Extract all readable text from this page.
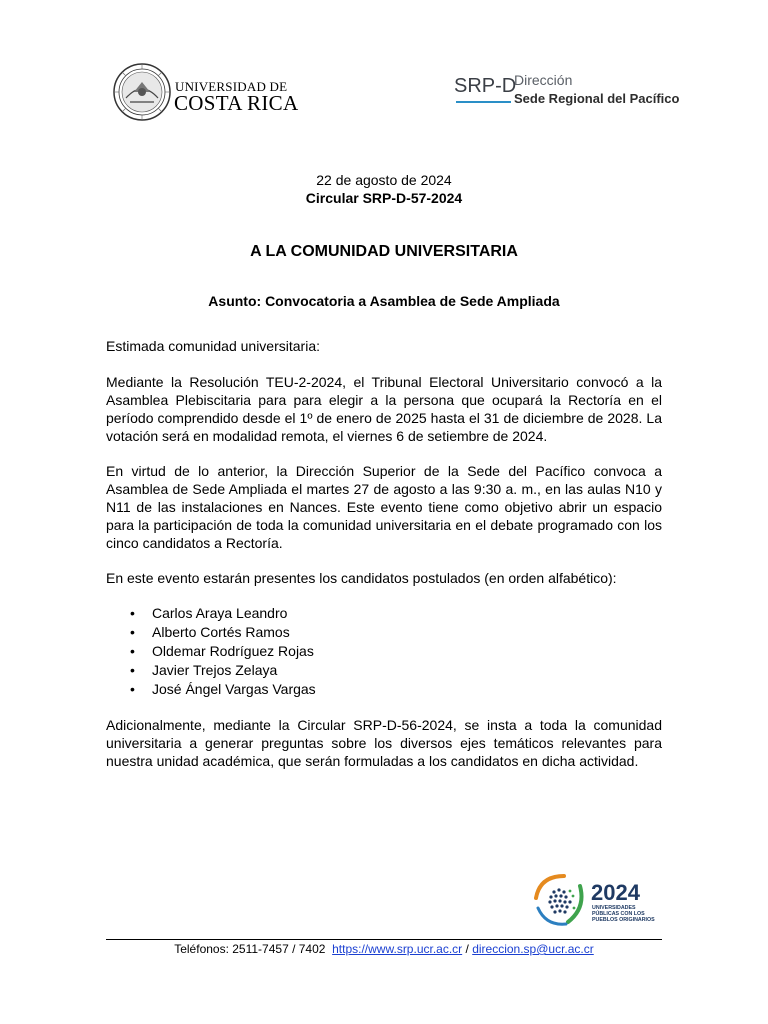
UNIVERSIDAD DE
COSTA RICA
SRP-D
Dirección
Sede Regional del Pacífico
22 de agosto de 2024
Circular SRP-D-57-2024
A LA COMUNIDAD UNIVERSITARIA
Asunto: Convocatoria a Asamblea de Sede Ampliada
Estimada comunidad universitaria:
Mediante la Resolución TEU-2-2024, el Tribunal Electoral Universitario convocó a la Asamblea Plebiscitaria para para elegir a la persona que ocupará la Rectoría en el período comprendido desde el 1º de enero de 2025 hasta el 31 de diciembre de 2028. La votación será en modalidad remota, el viernes 6 de setiembre de 2024.
En virtud de lo anterior, la Dirección Superior de la Sede del Pacífico convoca a Asamblea de Sede Ampliada el martes 27 de agosto a las 9:30 a. m., en las aulas N10 y N11 de las instalaciones en Nances. Este evento tiene como objetivo abrir un espacio para la participación de toda la comunidad universitaria en el debate programado con los cinco candidatos a Rectoría.
En este evento estarán presentes los candidatos postulados (en orden alfabético):
• Carlos Araya Leandro
• Alberto Cortés Ramos
• Oldemar Rodríguez Rojas
• Javier Trejos Zelaya
• José Ángel Vargas Vargas
Adicionalmente, mediante la Circular SRP-D-56-2024, se insta a toda la comunidad universitaria a generar preguntas sobre los diversos ejes temáticos relevantes para nuestra unidad académica, que serán formuladas a los candidatos en dicha actividad.
2024
UNIVERSIDADES
PÚBLICAS CON LOS
PUEBLOS ORIGINARIOS
Teléfonos: 2511-7457 / 7402 https://www.srp.ucr.ac.cr / direccion.sp@ucr.ac.cr
